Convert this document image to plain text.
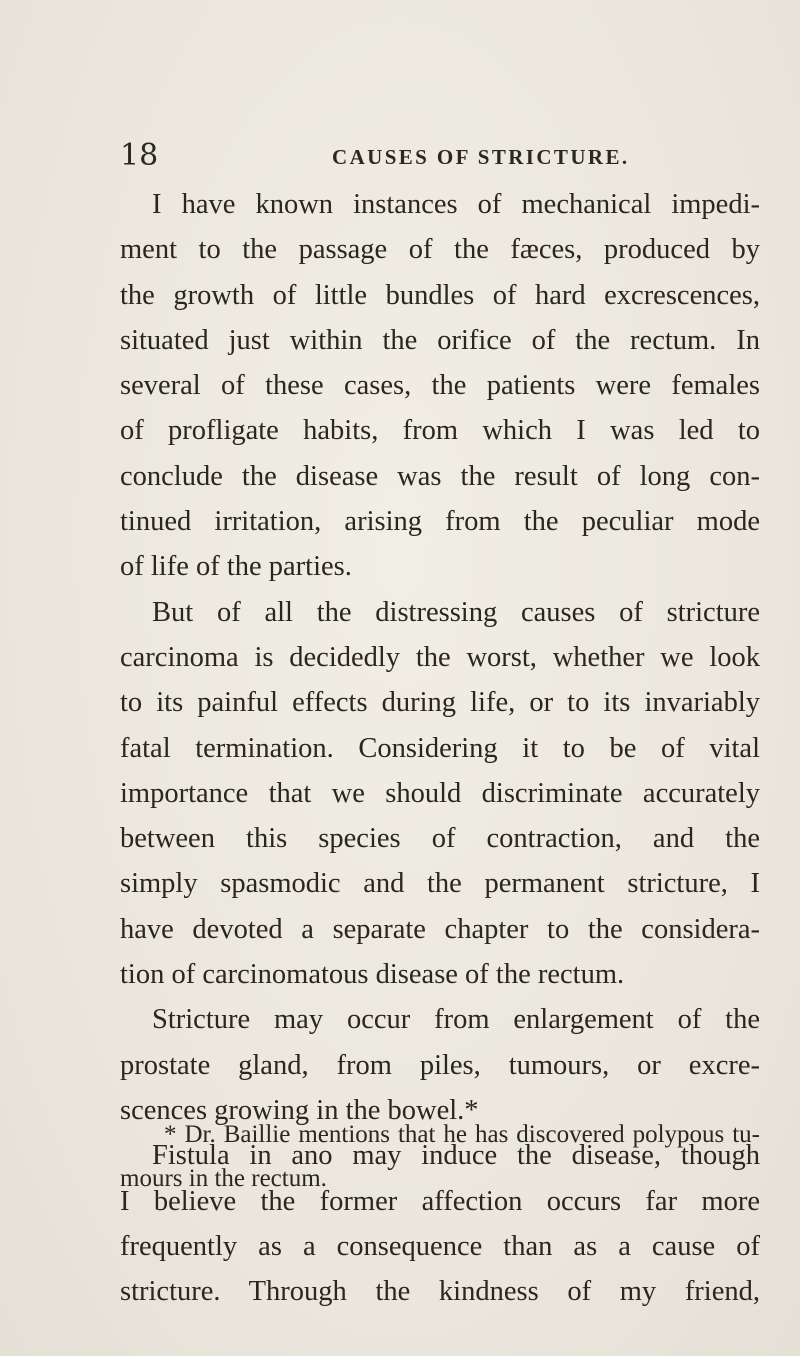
18	CAUSES OF STRICTURE.
I have known instances of mechanical impedi-
ment to the passage of the fæces, produced by
the growth of little bundles of hard excrescences,
situated just within the orifice of the rectum. In
several of these cases, the patients were females
of profligate habits, from which I was led to
conclude the disease was the result of long con-
tinued irritation, arising from the peculiar mode
of life of the parties.
But of all the distressing causes of stricture
carcinoma is decidedly the worst, whether we look
to its painful effects during life, or to its invariably
fatal termination. Considering it to be of vital
importance that we should discriminate accurately
between this species of contraction, and the
simply spasmodic and the permanent stricture, I
have devoted a separate chapter to the considera-
tion of carcinomatous disease of the rectum.
Stricture may occur from enlargement of the
prostate gland, from piles, tumours, or excre-
scences growing in the bowel.*
Fistula in ano may induce the disease, though
I believe the former affection occurs far more
frequently as a consequence than as a cause of
stricture. Through the kindness of my friend,
* Dr. Baillie mentions that he has discovered polypous tu-
mours in the rectum.
